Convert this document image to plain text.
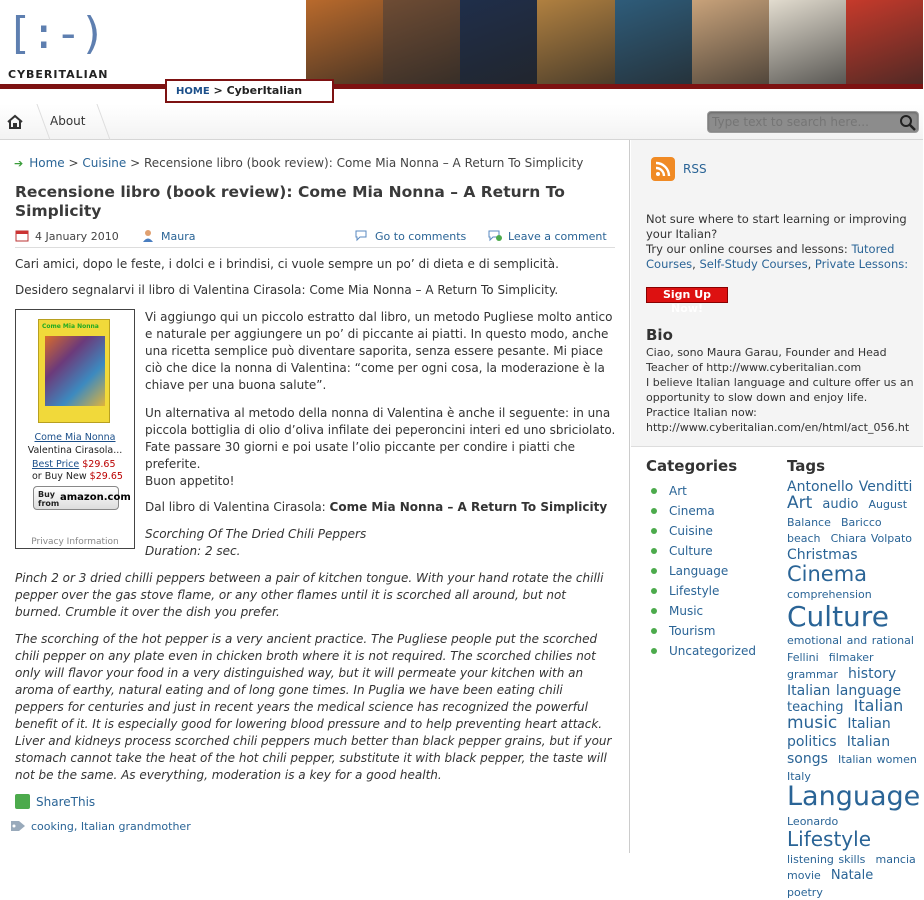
[:-)
CYBERITALIAN
HOME > CyberItalian
About
Type text to search here...
➔ Home > Cuisine > Recensione libro (book review): Come Mia Nonna – A Return To Simplicity
Recensione libro (book review): Come Mia Nonna – A Return To Simplicity
4 January 2010	Maura	Go to comments	Leave a comment
Cari amici, dopo le feste, i dolci e i brindisi, ci vuole sempre un po’ di dieta e di semplicità.
Desidero segnalarvi il libro di Valentina Cirasola: Come Mia Nonna – A Return To Simplicity.
Come Mia Nonna
Come Mia Nonna
Valentina Cirasola...
Best Price $29.65
or Buy New $29.65
Buy
from
amazon.com
Privacy Information
Vi aggiungo qui un piccolo estratto dal libro, un metodo Pugliese molto antico e naturale per aggiungere un po’ di piccante ai piatti. In questo modo, anche una ricetta semplice può diventare saporita, senza essere pesante. Mi piace ciò che dice la nonna di Valentina: “come per ogni cosa, la moderazione è la chiave per una buona salute”.
Un alternativa al metodo della nonna di Valentina è anche il seguente: in una piccola bottiglia di olio d’oliva infilate dei peperoncini interi ed uno sbriciolato. Fate passare 30 giorni e poi usate l’olio piccante per condire i piatti che preferite.
Buon appetito!
Dal libro di Valentina Cirasola: Come Mia Nonna – A Return To Simplicity
Scorching Of The Dried Chili Peppers
Duration: 2 sec.
Pinch 2 or 3 dried chilli peppers between a pair of kitchen tongue. With your hand rotate the chilli pepper over the gas stove flame, or any other flames until it is scorched all around, but not burned. Crumble it over the dish you prefer.
The scorching of the hot pepper is a very ancient practice. The Pugliese people put the scorched chili pepper on any plate even in chicken broth where it is not required. The scorched chilies not only will flavor your food in a very distinguished way, but it will permeate your kitchen with an aroma of earthy, natural eating and of long gone times. In Puglia we have been eating chili peppers for centuries and just in recent years the medical science has recognized the powerful benefit of it. It is especially good for lowering blood pressure and to help preventing heart attack. Liver and kidneys process scorched chili peppers much better than black pepper grains, but if your stomach cannot take the heat of the hot chili pepper, substitute it with black pepper, the taste will not be the same. As everything, moderation is a key for a good health.
ShareThis
cooking, Italian grandmother
RSS
Not sure where to start learning or improving your Italian?
Try our online courses and lessons: Tutored Courses, Self-Study Courses, Private Lessons:
Sign Up Now!
Bio
Ciao, sono Maura Garau, Founder and Head Teacher of http://www.cyberitalian.com
I believe Italian language and culture offer us an opportunity to slow down and enjoy life.
Practice Italian now:
http://www.cyberitalian.com/en/html/act_056.ht
Categories
Art
Cinema
Cuisine
Culture
Language
Lifestyle
Music
Tourism
Uncategorized
Tags
Antonello Venditti Art audio August Balance Baricco beach Chiara Volpato Christmas Cinema comprehension Culture emotional and rational Fellini filmaker grammar history Italian language teaching Italian music Italian politics Italian songs Italian women Italy Language Leonardo Lifestyle listening skills mancia movie Natale poetry
